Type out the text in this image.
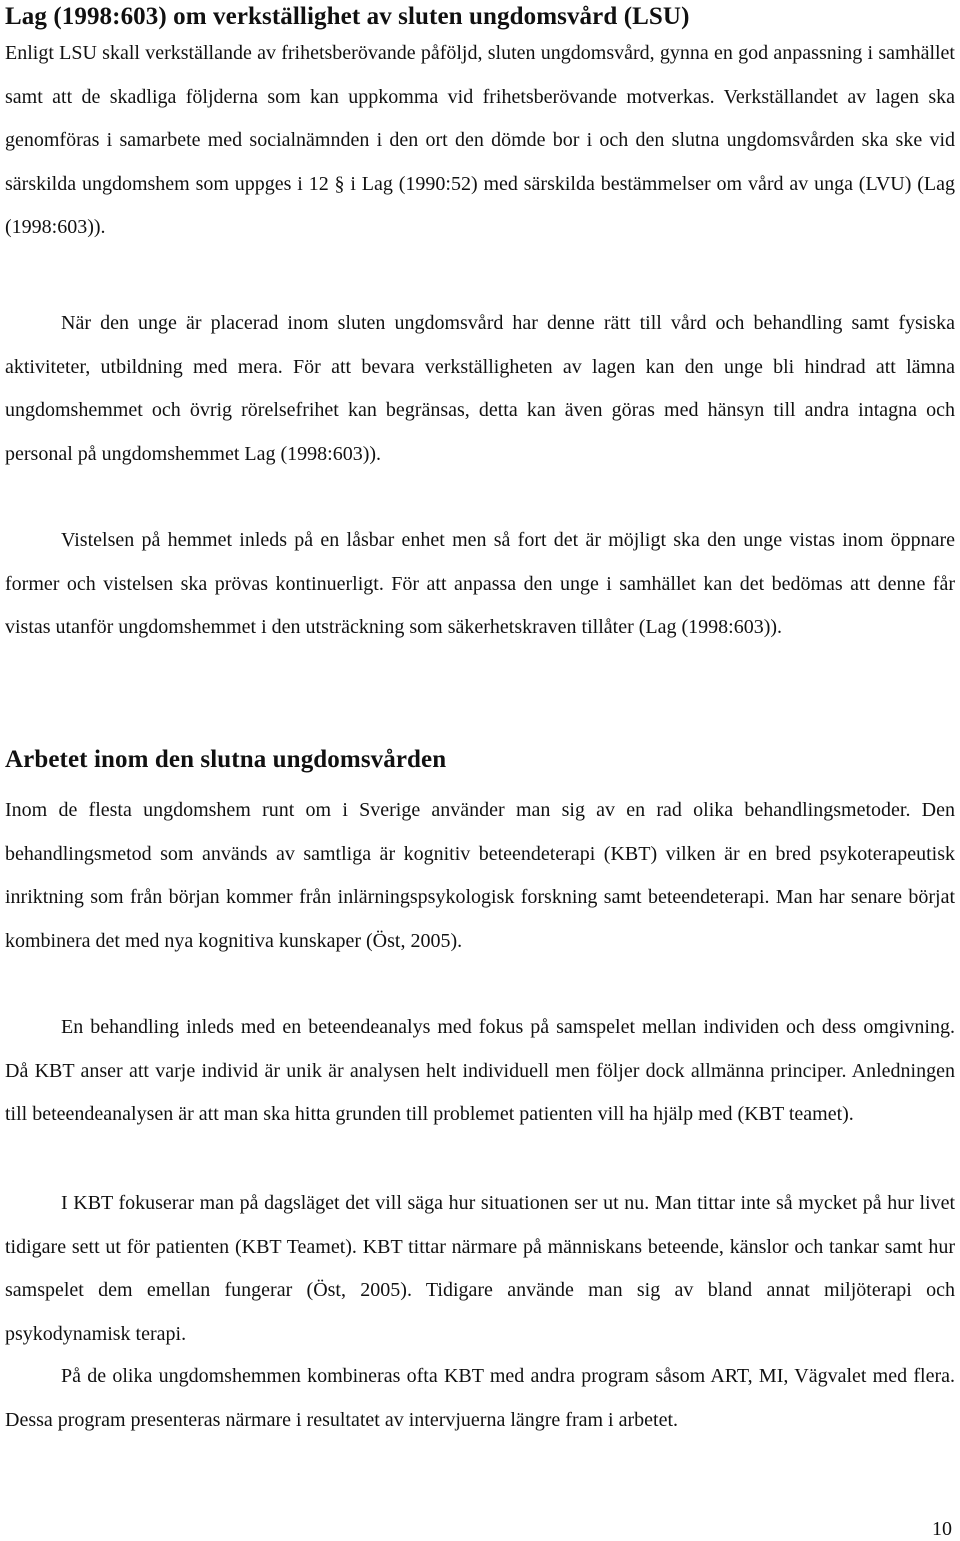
Lag (1998:603) om verkställighet av sluten ungdomsvård (LSU)

Enligt LSU skall verkställande av frihetsberövande påföljd, sluten ungdomsvård, gynna en god anpassning i samhället samt att de skadliga följderna som kan uppkomma vid frihetsberövande motverkas. Verkställandet av lagen ska genomföras i samarbete med socialnämnden i den ort den dömde bor i och den slutna ungdomsvården ska ske vid särskilda ungdomshem som uppges i 12 § i Lag (1990:52) med särskilda bestämmelser om vård av unga (LVU) (Lag (1998:603)).

När den unge är placerad inom sluten ungdomsvård har denne rätt till vård och behandling samt fysiska aktiviteter, utbildning med mera. För att bevara verkställigheten av lagen kan den unge bli hindrad att lämna ungdomshemmet och övrig rörelsefrihet kan begränsas, detta kan även göras med hänsyn till andra intagna och personal på ungdomshemmet Lag (1998:603)).

Vistelsen på hemmet inleds på en låsbar enhet men så fort det är möjligt ska den unge vistas inom öppnare former och vistelsen ska prövas kontinuerligt. För att anpassa den unge i samhället kan det bedömas att denne får vistas utanför ungdomshemmet i den utsträckning som säkerhetskraven tillåter (Lag (1998:603)).

Arbetet inom den slutna ungdomsvården

Inom de flesta ungdomshem runt om i Sverige använder man sig av en rad olika behandlingsmetoder. Den behandlingsmetod som används av samtliga är kognitiv beteendeterapi (KBT) vilken är en bred psykoterapeutisk inriktning som från början kommer från inlärningspsykologisk forskning samt beteendeterapi. Man har senare börjat kombinera det med nya kognitiva kunskaper (Öst, 2005).

En behandling inleds med en beteendeanalys med fokus på samspelet mellan individen och dess omgivning. Då KBT anser att varje individ är unik är analysen helt individuell men följer dock allmänna principer. Anledningen till beteendeanalysen är att man ska hitta grunden till problemet patienten vill ha hjälp med (KBT teamet).

I KBT fokuserar man på dagsläget det vill säga hur situationen ser ut nu. Man tittar inte så mycket på hur livet tidigare sett ut för patienten (KBT Teamet). KBT tittar närmare på människans beteende, känslor och tankar samt hur samspelet dem emellan fungerar (Öst, 2005). Tidigare använde man sig av bland annat miljöterapi och psykodynamisk terapi.

På de olika ungdomshemmen kombineras ofta KBT med andra program såsom ART, MI, Vägvalet med flera. Dessa program presenteras närmare i resultatet av intervjuerna längre fram i arbetet.

10
